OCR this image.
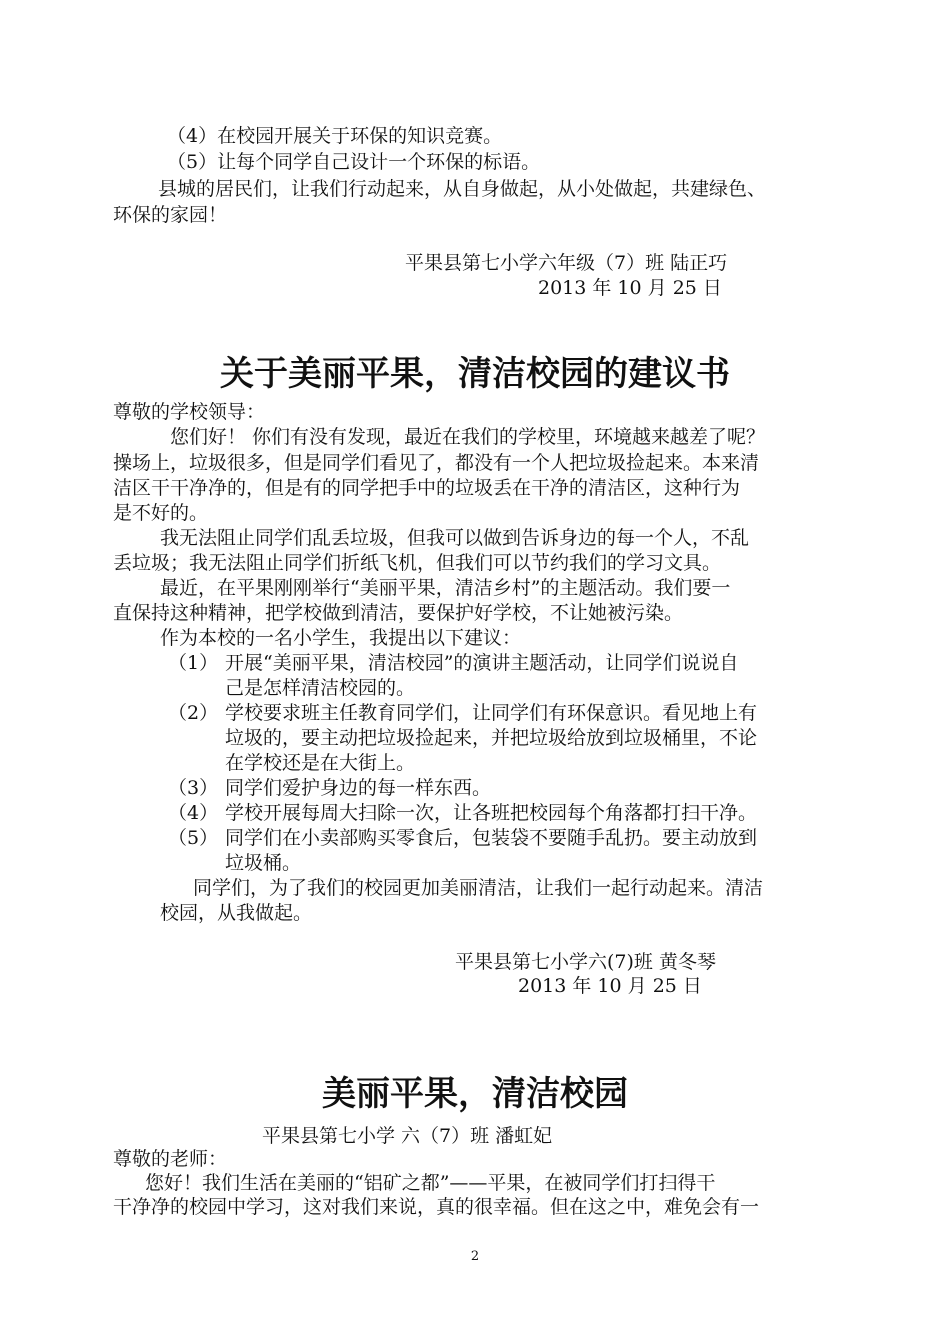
（4）在校园开展关于环保的知识竞赛。
（5）让每个同学自己设计一个环保的标语。
县城的居民们，让我们行动起来，从自身做起，从小处做起，共建绿色、
环保的家园！
平果县第七小学六年级（7）班 陆正巧
2013 年 10 月 25 日
关于美丽平果，清洁校园的建议书
尊敬的学校领导：
您们好！ 你们有没有发现，最近在我们的学校里，环境越来越差了呢？
操场上，垃圾很多，但是同学们看见了，都没有一个人把垃圾捡起来。本来清
洁区干干净净的，但是有的同学把手中的垃圾丢在干净的清洁区，这种行为
是不好的。
我无法阻止同学们乱丢垃圾，但我可以做到告诉身边的每一个人，不乱
丢垃圾；我无法阻止同学们折纸飞机，但我们可以节约我们的学习文具。
最近，在平果刚刚举行“美丽平果，清洁乡村”的主题活动。我们要一
直保持这种精神，把学校做到清洁，要保护好学校，不让她被污染。
作为本校的一名小学生，我提出以下建议：
（1） 开展“美丽平果，清洁校园”的演讲主题活动，让同学们说说自
己是怎样清洁校园的。
（2） 学校要求班主任教育同学们，让同学们有环保意识。看见地上有
垃圾的，要主动把垃圾捡起来，并把垃圾给放到垃圾桶里，不论
在学校还是在大街上。
（3） 同学们爱护身边的每一样东西。
（4） 学校开展每周大扫除一次，让各班把校园每个角落都打扫干净。
（5） 同学们在小卖部购买零食后，包装袋不要随手乱扔。要主动放到
垃圾桶。
同学们，为了我们的校园更加美丽清洁，让我们一起行动起来。清洁
校园，从我做起。
平果县第七小学六(7)班 黄冬琴
2013 年 10 月 25 日
美丽平果，清洁校园
平果县第七小学 六（7）班 潘虹妃
尊敬的老师：
您好！我们生活在美丽的“铝矿之都”——平果，在被同学们打扫得干
干净净的校园中学习，这对我们来说，真的很幸福。但在这之中，难免会有一
2
